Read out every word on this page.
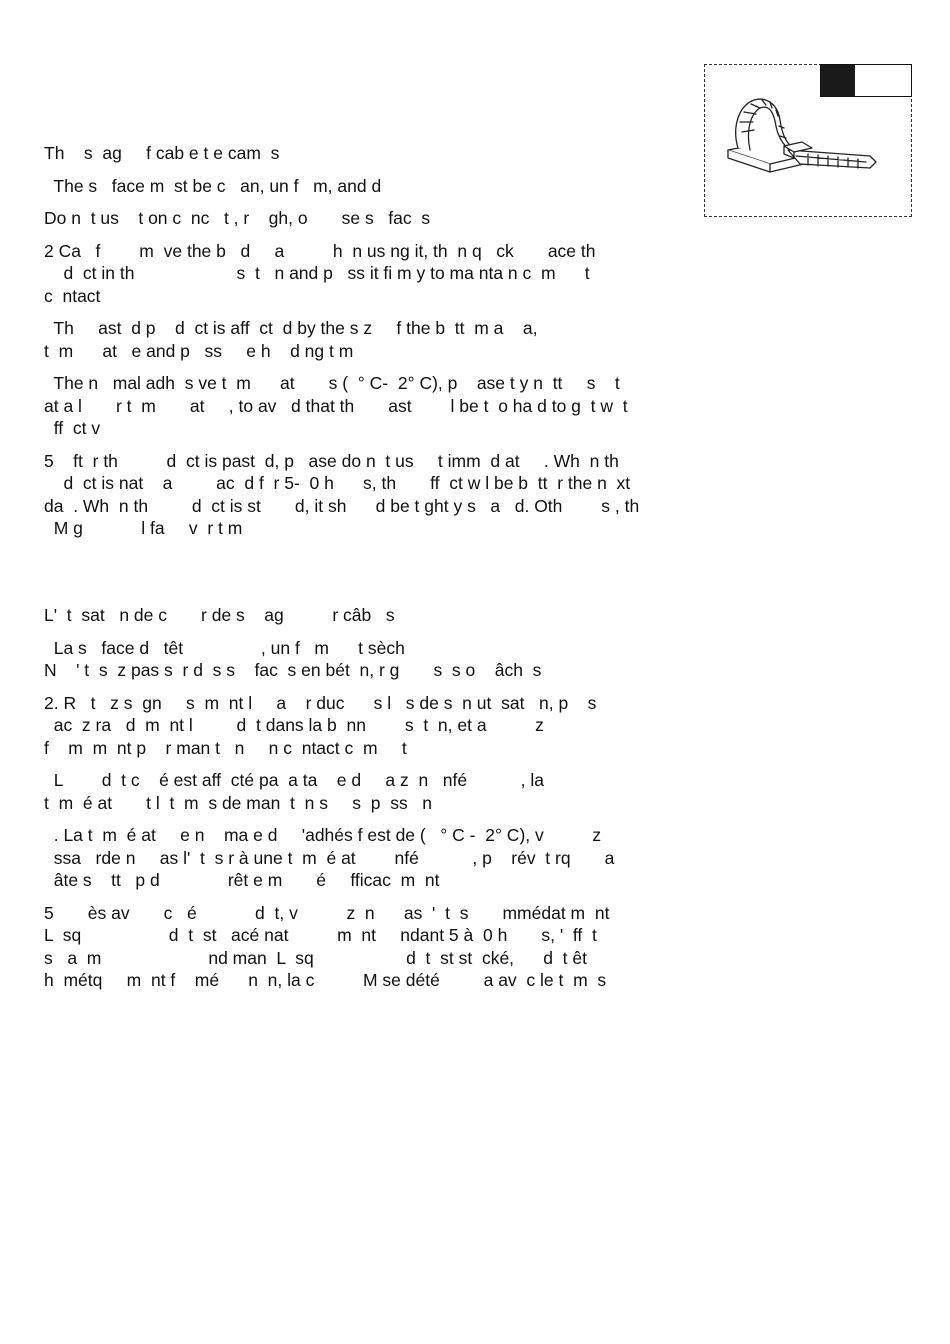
Th    s  ag     f cab e t e cam  s

The s   face m  st be c   an, un f   m, and d

Do n  t us    t on c  nc   t , r    gh, o       se s   fac  s

2 Ca   f        m  ve the b   d     a          h  n us ng it, th  n q   ck       ace th
d  ct in th                     s  t   n and p   ss it fi m y to ma nta n c  m      t
c  ntact

Th     ast  d p    d  ct is aff  ct  d by the s z     f the b  tt  m a    a,
t  m      at   e and p   ss     e h    d ng t m

The n   mal adh  s ve t  m      at       s (  ° C-  2° C), p    ase t y n  tt     s    t
at a l       r t  m       at     , to av   d that th       ast        l be t  o ha d to g  t w  t
ff  ct v

5    ft  r th          d  ct is past  d, p   ase do n  t us     t imm  d at     . Wh  n th
d  ct is nat    a         ac  d f  r 5-  0 h      s, th       ff  ct w l be b  tt  r the n  xt
da  . Wh  n th         d  ct is st       d, it sh      d be t ght y s   a   d. Oth        s , th
M g            l fa     v  r t m

L'  t  sat   n de c       r de s    ag          r câb   s

La s   face d   têt                , un f   m      t sèch

N    ' t  s  z pas s  r d  s s    fac  s en bét  n, r g       s  s o    âch  s

2. R   t   z s  gn     s  m  nt l     a    r duc      s l   s de s  n ut  sat   n, p    s
ac  z ra   d  m  nt l         d  t dans la b  nn        s  t  n, et a          z
f    m  m  nt p    r man t   n     n c  ntact c  m     t

L        d  t c    é est aff  cté pa  a ta    e d     a z  n   nfé           , la
t  m  é at       t l  t  m  s de man  t  n s     s  p  ss   n

. La t  m  é at     e n    ma e d     'adhés f est de (   ° C -  2° C), v          z
ssa   rde n     as l'  t  s r à une t  m  é at        nfé           , p    rév  t rq       a
âte s    tt   p d              rêt e m       é     fficac  m  nt

5       ès av       c   é            d  t, v          z  n      as  '  t  s       mmédat m  nt
L  sq                  d  t  st   acé nat          m  nt     ndant 5 à  0 h       s, '  ff  t
s   a  m                      nd man  L  sq                   d  t  st st  cké,      d  t êt
h  métq     m  nt f    mé      n  n, la c          M se dété         a av  c le t  m  s
